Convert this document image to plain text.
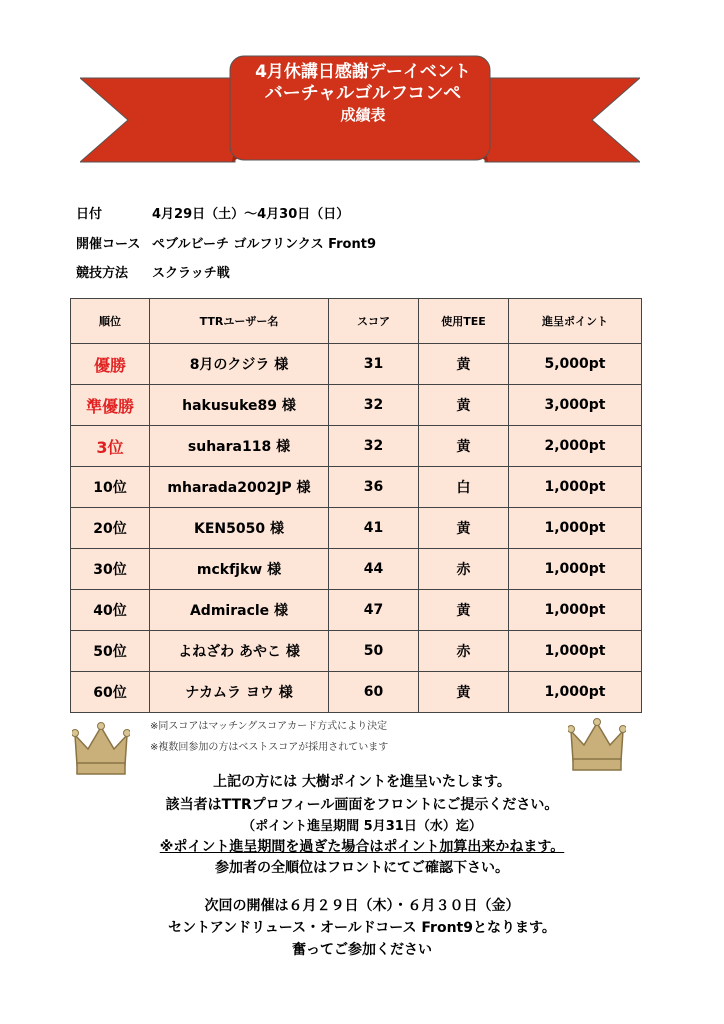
4月休講日感謝デーイベント
バーチャルゴルフコンペ
成績表
日付	4月29日（土）～4月30日（日）
開催コース ペブルビーチ ゴルフリンクス Front9
競技方法 スクラッチ戦
順位	TTRユーザー名	スコア	使用TEE	進呈ポイント
優勝	8月のクジラ 様	31	黄	5,000pt
準優勝	hakusuke89 様	32	黄	3,000pt
3位	suhara118 様	32	黄	2,000pt
10位	mharada2002JP 様	36	白	1,000pt
20位	KEN5050 様	41	黄	1,000pt
30位	mckfjkw 様	44	赤	1,000pt
40位	Admiracle 様	47	黄	1,000pt
50位	よねざわ あやこ 様	50	赤	1,000pt
60位	ナカムラ ヨウ 様	60	黄	1,000pt
※同スコアはマッチングスコアカード方式により決定
※複数回参加の方はベストスコアが採用されています
上記の方には 大樹ポイントを進呈いたします。
該当者はTTRプロフィール画面をフロントにご提示ください。
（ポイント進呈期間 5月31日（水）迄）
※ポイント進呈期間を過ぎた場合はポイント加算出来かねます。
参加者の全順位はフロントにてご確認下さい。
次回の開催は６月２９日（木）・６月３０日（金）
セントアンドリュース・オールドコース Front9となります。
奮ってご参加ください
